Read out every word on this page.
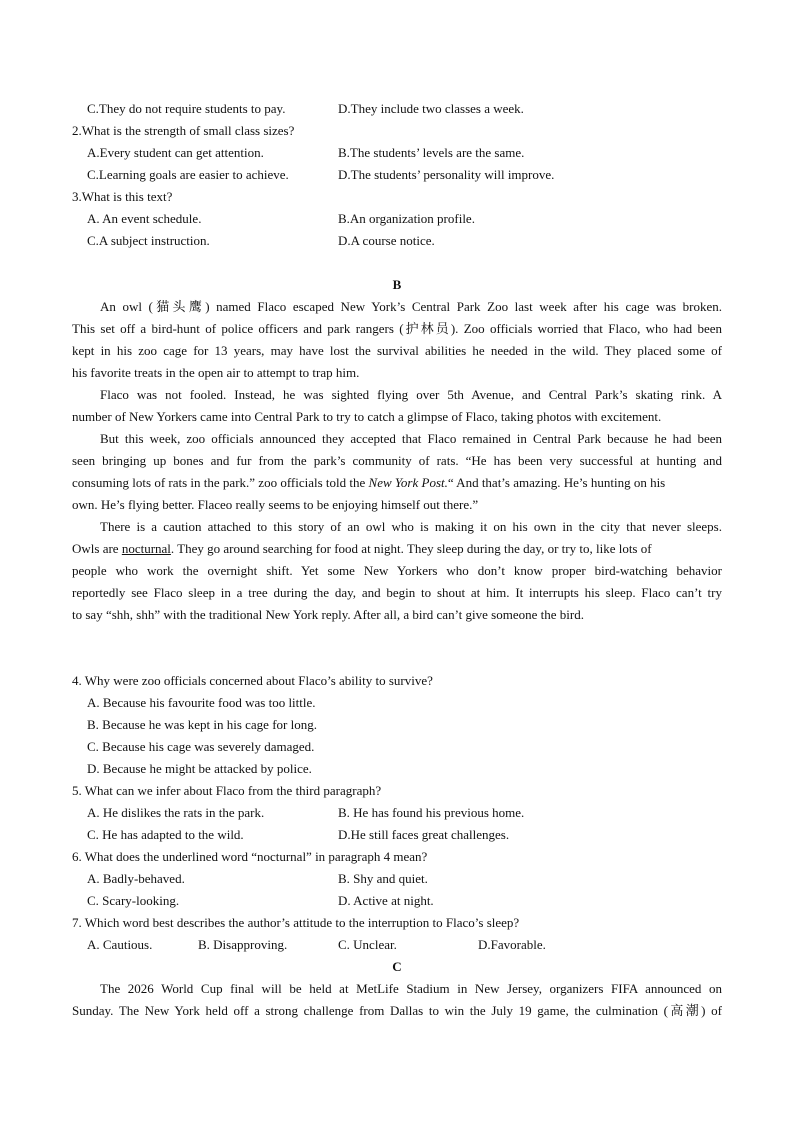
C.They do not require students to pay.	D.They include two classes a week.
2.What is the strength of small class sizes?
A.Every student can get attention.	B.The students’ levels are the same.
C.Learning goals are easier to achieve.	D.The students’ personality will improve.
3.What is this text?
A. An event schedule.	B.An organization profile.
C.A subject instruction.	D.A course notice.
B
An owl (猫头鹰) named Flaco escaped New York’s Central Park Zoo last week after his cage was broken.
This set off a bird-hunt of police officers and park rangers (护林员). Zoo officials worried that Flaco, who had been
kept in his zoo cage for 13 years, may have lost the survival abilities he needed in the wild. They placed some of
his favorite treats in the open air to attempt to trap him.
Flaco was not fooled. Instead, he was sighted flying over 5th Avenue, and Central Park’s skating rink. A
number of New Yorkers came into Central Park to try to catch a glimpse of Flaco, taking photos with excitement.
But this week, zoo officials announced they accepted that Flaco remained in Central Park because he had been
seen bringing up bones and fur from the park’s community of rats. “He has been very successful at hunting and
consuming lots of rats in the park.” zoo officials told the New York Post.“ And that’s amazing. He’s hunting on his
own. He’s flying better. Flaceo really seems to be enjoying himself out there.”
There is a caution attached to this story of an owl who is making it on his own in the city that never sleeps.
Owls are nocturnal. They go around searching for food at night. They sleep during the day, or try to, like lots of
people who work the overnight shift. Yet some New Yorkers who don’t know proper bird-watching behavior
reportedly see Flaco sleep in a tree during the day, and begin to shout at him. It interrupts his sleep. Flaco can’t try
to say “shh, shh” with the traditional New York reply. After all, a bird can’t give someone the bird.
4. Why were zoo officials concerned about Flaco’s ability to survive?
A. Because his favourite food was too little.
B. Because he was kept in his cage for long.
C. Because his cage was severely damaged.
D. Because he might be attacked by police.
5. What can we infer about Flaco from the third paragraph?
A. He dislikes the rats in the park.	B. He has found his previous home.
C. He has adapted to the wild.	D.He still faces great challenges.
6. What does the underlined word “nocturnal” in paragraph 4 mean?
A. Badly-behaved.	B. Shy and quiet.
C. Scary-looking.	D. Active at night.
7. Which word best describes the author’s attitude to the interruption to Flaco’s sleep?
A. Cautious.	B. Disapproving.	C. Unclear.	D.Favorable.
C
The 2026 World Cup final will be held at MetLife Stadium in New Jersey, organizers FIFA announced on
Sunday. The New York held off a strong challenge from Dallas to win the July 19 game, the culmination (高潮) of
